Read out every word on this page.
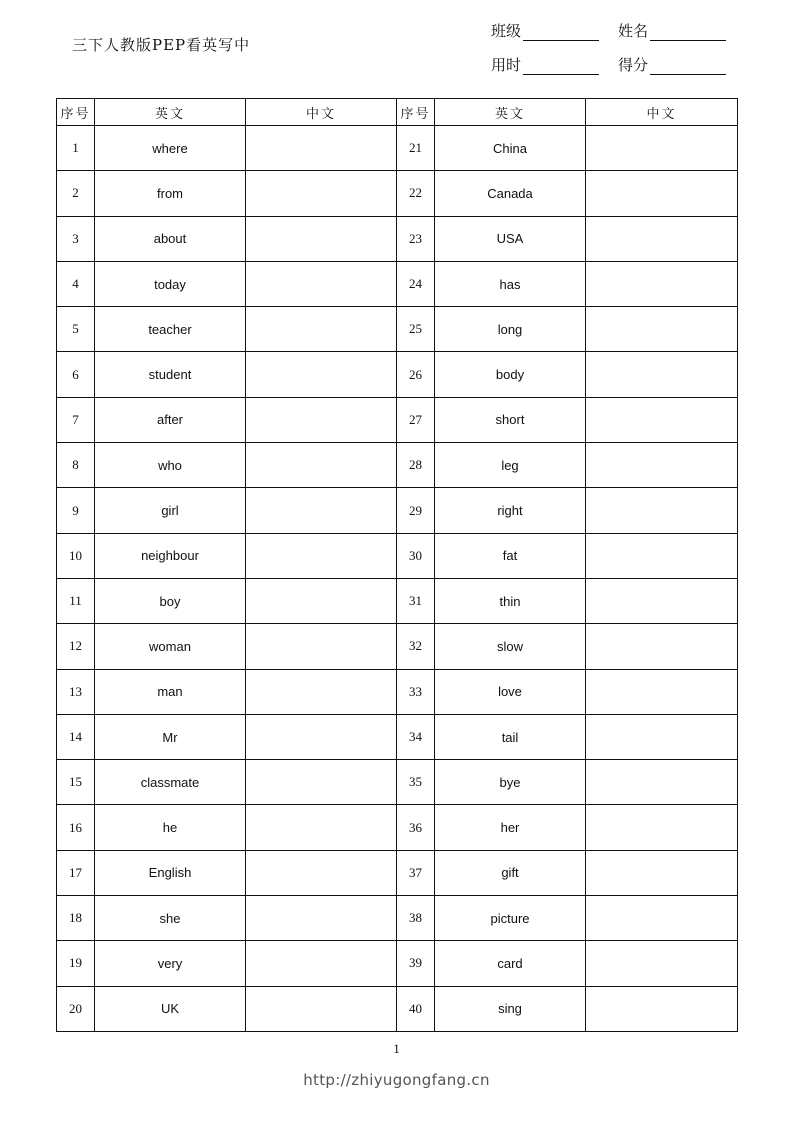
三下人教版PEP看英写中
班级	姓名
用时	得分
序号	英文	中文	序号	英文	中文
1	where		21	China	
2	from		22	Canada	
3	about		23	USA	
4	today		24	has	
5	teacher		25	long	
6	student		26	body	
7	after		27	short	
8	who		28	leg	
9	girl		29	right	
10	neighbour		30	fat	
11	boy		31	thin	
12	woman		32	slow	
13	man		33	love	
14	Mr		34	tail	
15	classmate		35	bye	
16	he		36	her	
17	English		37	gift	
18	she		38	picture	
19	very		39	card	
20	UK		40	sing	
1
http://zhiyugongfang.cn
